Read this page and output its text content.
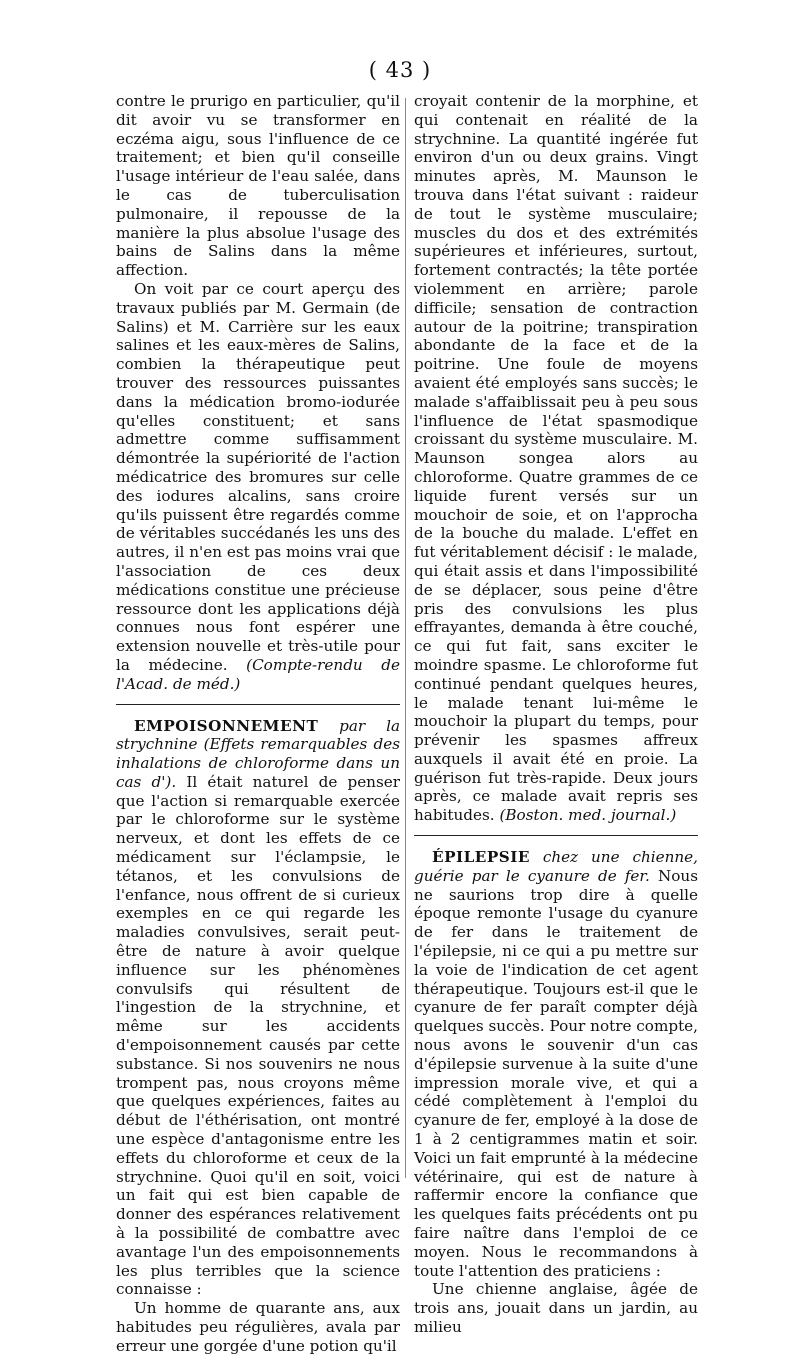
( 43 )

contre le prurigo en particulier, qu'il dit avoir vu se transformer en eczéma aigu, sous l'influence de ce traitement; et bien qu'il conseille l'usage intérieur de l'eau salée, dans le cas de tuberculisation pulmonaire, il repousse de la manière la plus absolue l'usage des bains de Salins dans la même affection.

On voit par ce court aperçu des travaux publiés par M. Germain (de Salins) et M. Carrière sur les eaux salines et les eaux-mères de Salins, combien la thérapeutique peut trouver des ressources puissantes dans la médication bromo-iodurée qu'elles constituent; et sans admettre comme suffisamment démontrée la supériorité de l'action médicatrice des bromures sur celle des iodures alcalins, sans croire qu'ils puissent être regardés comme de véritables succédanés les uns des autres, il n'en est pas moins vrai que l'association de ces deux médications constitue une précieuse ressource dont les applications déjà connues nous font espérer une extension nouvelle et très-utile pour la médecine. (Compte-rendu de l'Acad. de méd.)

EMPOISONNEMENT par la strychnine (Effets remarquables des inhalations de chloroforme dans un cas d'). Il était naturel de penser que l'action si remarquable exercée par le chloroforme sur le système nerveux, et dont les effets de ce médicament sur l'éclampsie, le tétanos, et les convulsions de l'enfance, nous offrent de si curieux exemples en ce qui regarde les maladies convulsives, serait peut-être de nature à avoir quelque influence sur les phénomènes convulsifs qui résultent de l'ingestion de la strychnine, et même sur les accidents d'empoisonnement causés par cette substance. Si nos souvenirs ne nous trompent pas, nous croyons même que quelques expériences, faites au début de l'éthérisation, ont montré une espèce d'antagonisme entre les effets du chloroforme et ceux de la strychnine. Quoi qu'il en soit, voici un fait qui est bien capable de donner des espérances relativement à la possibilité de combattre avec avantage l'un des empoisonnements les plus terribles que la science connaisse :

Un homme de quarante ans, aux habitudes peu régulières, avala par erreur une gorgée d'une potion qu'il

croyait contenir de la morphine, et qui contenait en réalité de la strychnine. La quantité ingérée fut environ d'un ou deux grains. Vingt minutes après, M. Maunson le trouva dans l'état suivant : raideur de tout le système musculaire; muscles du dos et des extrémités supérieures et inférieures, surtout, fortement contractés; la tête portée violemment en arrière; parole difficile; sensation de contraction autour de la poitrine; transpiration abondante de la face et de la poitrine. Une foule de moyens avaient été employés sans succès; le malade s'affaiblissait peu à peu sous l'influence de l'état spasmodique croissant du système musculaire. M. Maunson songea alors au chloroforme. Quatre grammes de ce liquide furent versés sur un mouchoir de soie, et on l'approcha de la bouche du malade. L'effet en fut véritablement décisif : le malade, qui était assis et dans l'impossibilité de se déplacer, sous peine d'être pris des convulsions les plus effrayantes, demanda à être couché, ce qui fut fait, sans exciter le moindre spasme. Le chloroforme fut continué pendant quelques heures, le malade tenant lui-même le mouchoir la plupart du temps, pour prévenir les spasmes affreux auxquels il avait été en proie. La guérison fut très-rapide. Deux jours après, ce malade avait repris ses habitudes. (Boston. med. journal.)

ÉPILEPSIE chez une chienne, guérie par le cyanure de fer. Nous ne saurions trop dire à quelle époque remonte l'usage du cyanure de fer dans le traitement de l'épilepsie, ni ce qui a pu mettre sur la voie de l'indication de cet agent thérapeutique. Toujours est-il que le cyanure de fer paraît compter déjà quelques succès. Pour notre compte, nous avons le souvenir d'un cas d'épilepsie survenue à la suite d'une impression morale vive, et qui a cédé complètement à l'emploi du cyanure de fer, employé à la dose de 1 à 2 centigrammes matin et soir. Voici un fait emprunté à la médecine vétérinaire, qui est de nature à raffermir encore la confiance que les quelques faits précédents ont pu faire naître dans l'emploi de ce moyen. Nous le recommandons à toute l'attention des praticiens :

Une chienne anglaise, âgée de trois ans, jouait dans un jardin, au milieu
